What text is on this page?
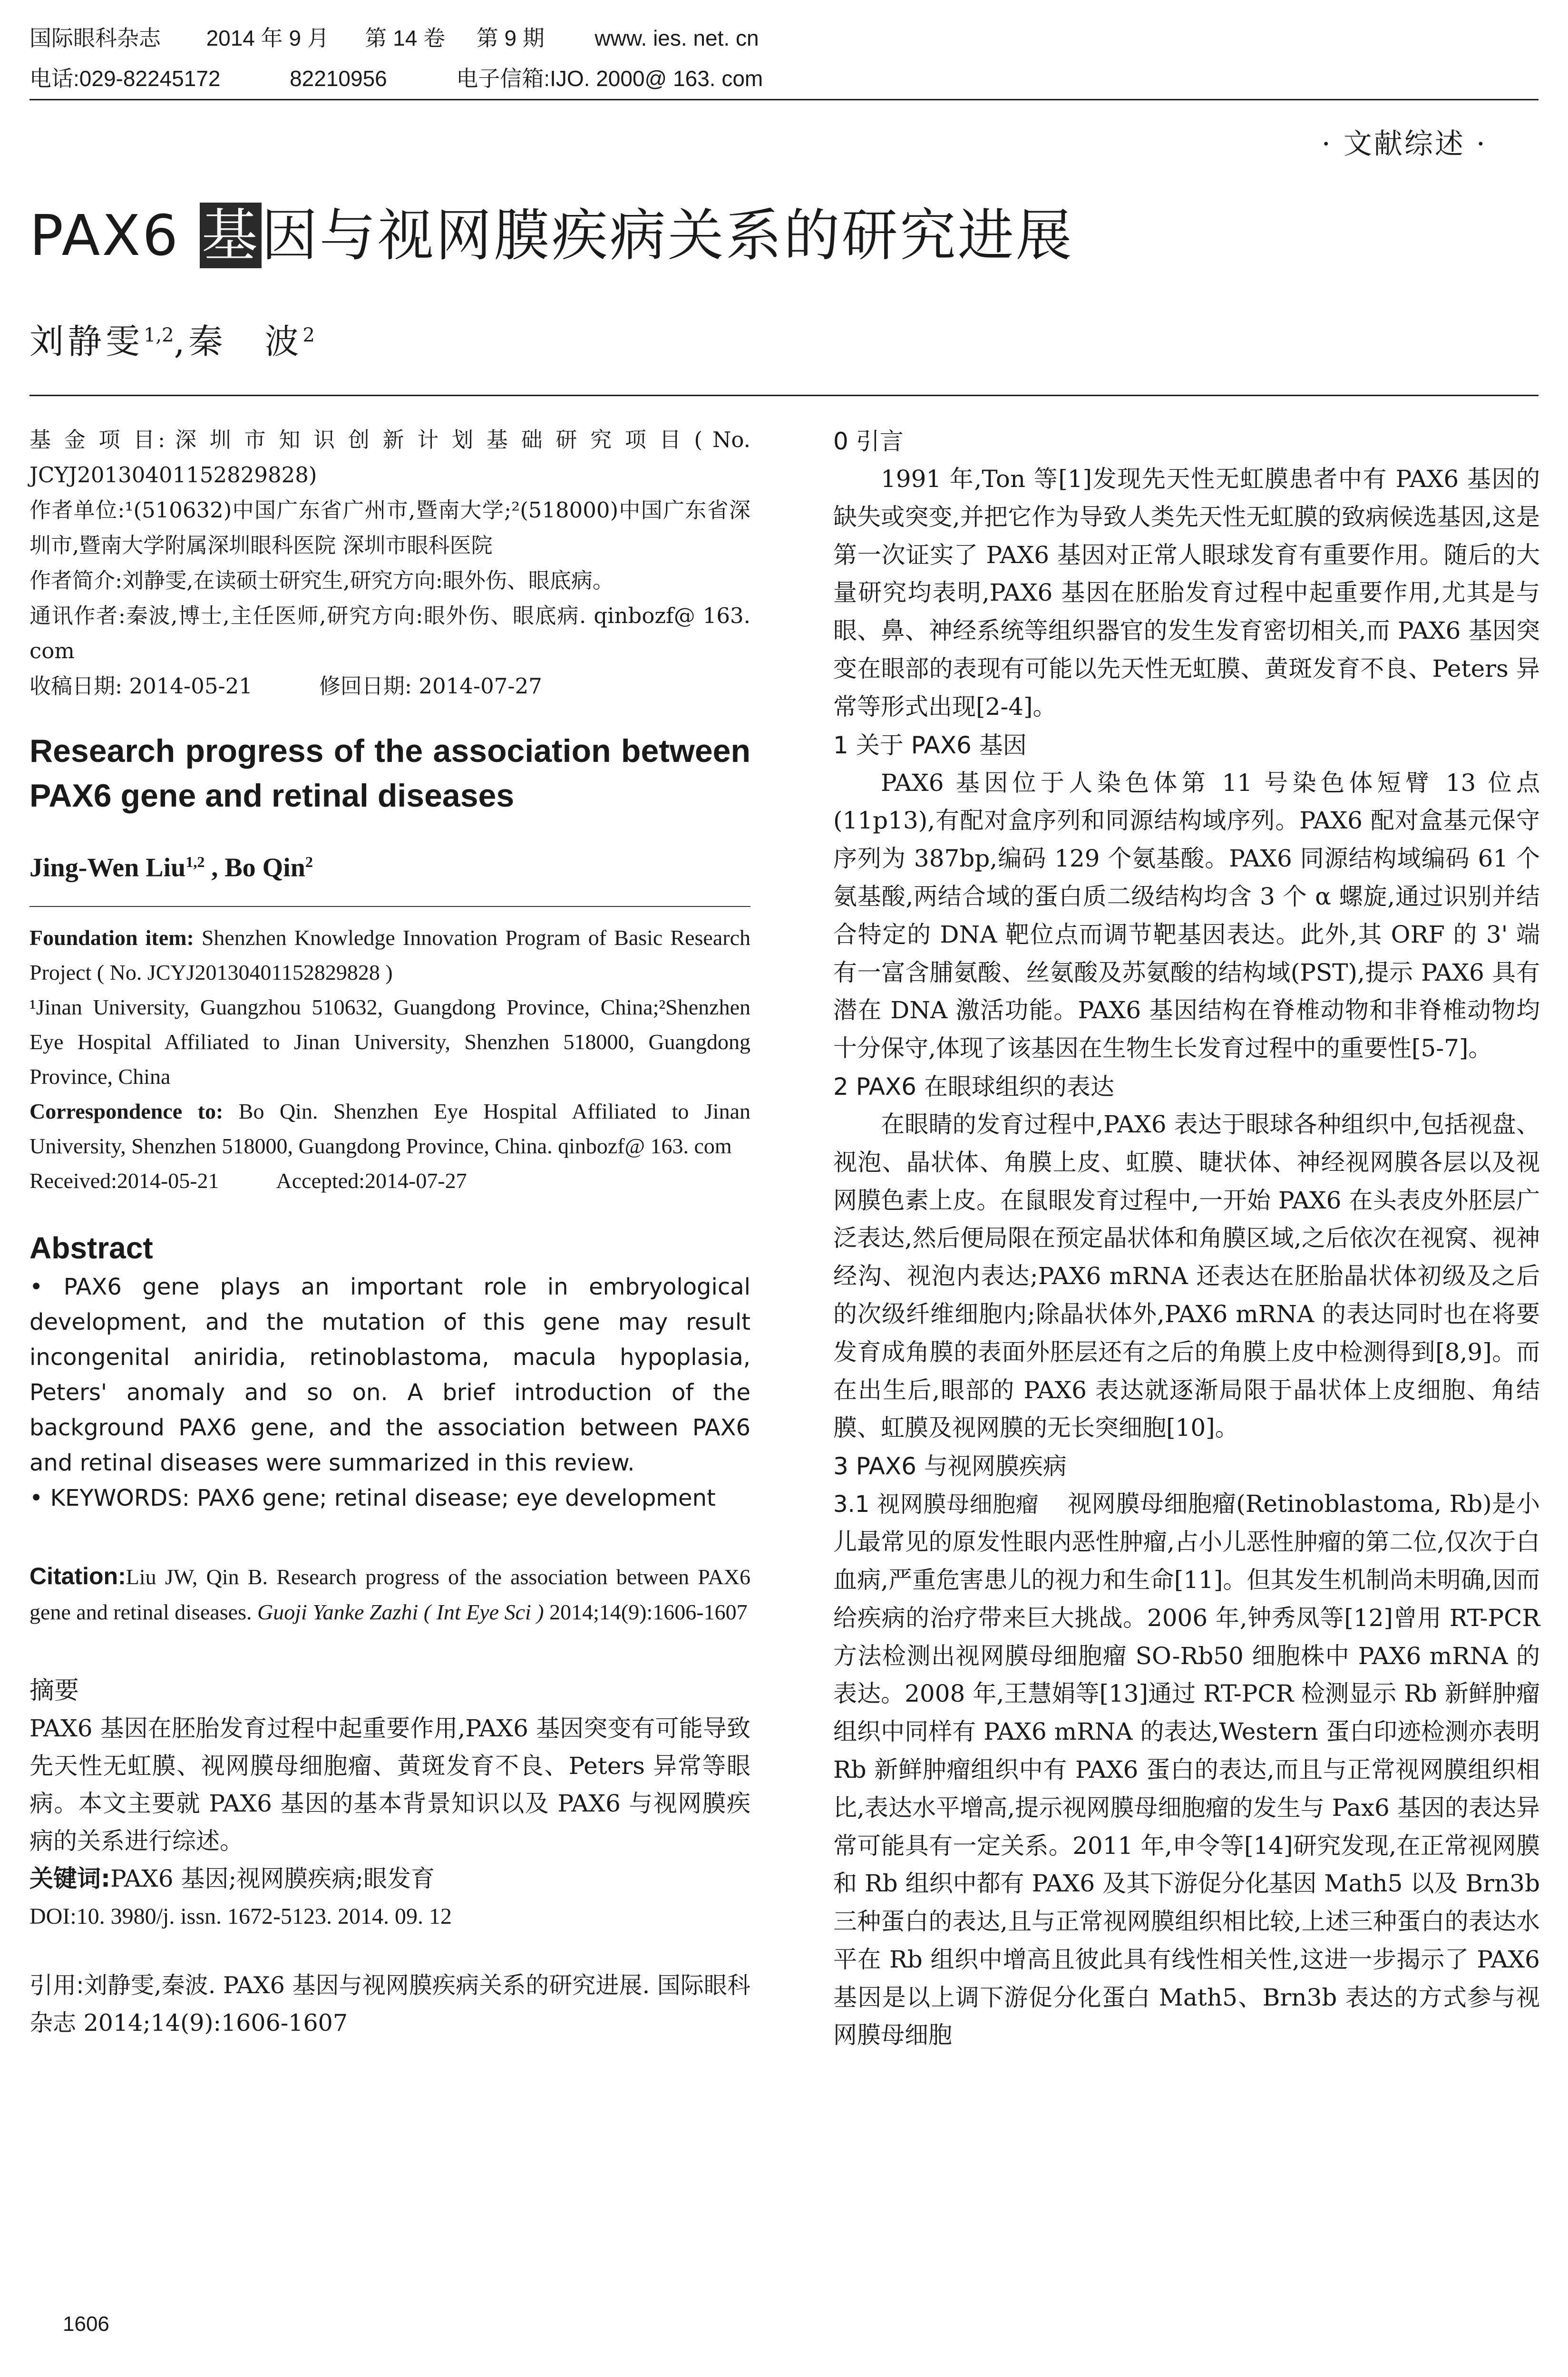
国际眼科杂志 2014 年 9 月 第 14 卷 第 9 期 www. ies. net. cn
电话:029-82245172	82210956	电子信箱:IJO. 2000@ 163. com
· 文献综述 ·
PAX6 基因与视网膜疾病关系的研究进展
刘静雯$^{1,2}$,秦　波$^2$

基 金 项 目: 深 圳 市 知 识 创 新 计 划 基 础 研 究 项 目 ( No. JCYJ20130401152829828)

作者单位:¹(510632)中国广东省广州市,暨南大学;²(518000)中国广东省深圳市,暨南大学附属深圳眼科医院 深圳市眼科医院

作者简介:刘静雯,在读硕士研究生,研究方向:眼外伤、眼底病。

通讯作者:秦波,博士,主任医师,研究方向:眼外伤、眼底病. qinbozf@ 163. com

收稿日期: 2014-05-21	修回日期: 2014-07-27

Research progress of the association between PAX6 gene and retinal diseases

Jing-Wen Liu$^{1,2}$ , Bo Qin$^2$

Foundation item: Shenzhen Knowledge Innovation Program of Basic Research Project ( No. JCYJ20130401152829828 )

¹Jinan University, Guangzhou 510632, Guangdong Province, China;²Shenzhen Eye Hospital Affiliated to Jinan University, Shenzhen 518000, Guangdong Province, China

Correspondence to: Bo Qin. Shenzhen Eye Hospital Affiliated to Jinan University, Shenzhen 518000, Guangdong Province, China. qinbozf@ 163. com

Received:2014-05-21	Accepted:2014-07-27

Abstract

• PAX6 gene plays an important role in embryological development, and the mutation of this gene may result incongenital aniridia, retinoblastoma, macula hypoplasia, Peters' anomaly and so on. A brief introduction of the background PAX6 gene, and the association between PAX6 and retinal diseases were summarized in this review.

• KEYWORDS: PAX6 gene; retinal disease; eye development

Citation:Liu JW, Qin B. Research progress of the association between PAX6 gene and retinal diseases. Guoji Yanke Zazhi ( Int Eye Sci ) 2014;14(9):1606-1607

摘要

PAX6 基因在胚胎发育过程中起重要作用,PAX6 基因突变有可能导致先天性无虹膜、视网膜母细胞瘤、黄斑发育不良、Peters 异常等眼病。本文主要就 PAX6 基因的基本背景知识以及 PAX6 与视网膜疾病的关系进行综述。

关键词:PAX6 基因;视网膜疾病;眼发育

DOI:10. 3980/j. issn. 1672-5123. 2014. 09. 12

引用:刘静雯,秦波. PAX6 基因与视网膜疾病关系的研究进展. 国际眼科杂志 2014;14(9):1606-1607

0 引言

1991 年,Ton 等[1]发现先天性无虹膜患者中有 PAX6 基因的缺失或突变,并把它作为导致人类先天性无虹膜的致病候选基因,这是第一次证实了 PAX6 基因对正常人眼球发育有重要作用。随后的大量研究均表明,PAX6 基因在胚胎发育过程中起重要作用,尤其是与眼、鼻、神经系统等组织器官的发生发育密切相关,而 PAX6 基因突变在眼部的表现有可能以先天性无虹膜、黄斑发育不良、Peters 异常等形式出现[2-4]。

1 关于 PAX6 基因

PAX6 基因位于人染色体第 11 号染色体短臂 13 位点(11p13),有配对盒序列和同源结构域序列。PAX6 配对盒基元保守序列为 387bp,编码 129 个氨基酸。PAX6 同源结构域编码 61 个氨基酸,两结合域的蛋白质二级结构均含 3 个 α 螺旋,通过识别并结合特定的 DNA 靶位点而调节靶基因表达。此外,其 ORF 的 3' 端有一富含脯氨酸、丝氨酸及苏氨酸的结构域(PST),提示 PAX6 具有潜在 DNA 激活功能。PAX6 基因结构在脊椎动物和非脊椎动物均十分保守,体现了该基因在生物生长发育过程中的重要性[5-7]。

2 PAX6 在眼球组织的表达

在眼睛的发育过程中,PAX6 表达于眼球各种组织中,包括视盘、视泡、晶状体、角膜上皮、虹膜、睫状体、神经视网膜各层以及视网膜色素上皮。在鼠眼发育过程中,一开始 PAX6 在头表皮外胚层广泛表达,然后便局限在预定晶状体和角膜区域,之后依次在视窝、视神经沟、视泡内表达;PAX6 mRNA 还表达在胚胎晶状体初级及之后的次级纤维细胞内;除晶状体外,PAX6 mRNA 的表达同时也在将要发育成角膜的表面外胚层还有之后的角膜上皮中检测得到[8,9]。而在出生后,眼部的 PAX6 表达就逐渐局限于晶状体上皮细胞、角结膜、虹膜及视网膜的无长突细胞[10]。

3 PAX6 与视网膜疾病

3.1 视网膜母细胞瘤 视网膜母细胞瘤(Retinoblastoma, Rb)是小儿最常见的原发性眼内恶性肿瘤,占小儿恶性肿瘤的第二位,仅次于白血病,严重危害患儿的视力和生命[11]。但其发生机制尚未明确,因而给疾病的治疗带来巨大挑战。2006 年,钟秀凤等[12]曾用 RT-PCR 方法检测出视网膜母细胞瘤 SO-Rb50 细胞株中 PAX6 mRNA 的表达。2008 年,王慧娟等[13]通过 RT-PCR 检测显示 Rb 新鲜肿瘤组织中同样有 PAX6 mRNA 的表达,Western 蛋白印迹检测亦表明 Rb 新鲜肿瘤组织中有 PAX6 蛋白的表达,而且与正常视网膜组织相比,表达水平增高,提示视网膜母细胞瘤的发生与 Pax6 基因的表达异常可能具有一定关系。2011 年,申令等[14]研究发现,在正常视网膜和 Rb 组织中都有 PAX6 及其下游促分化基因 Math5 以及 Brn3b 三种蛋白的表达,且与正常视网膜组织相比较,上述三种蛋白的表达水平在 Rb 组织中增高且彼此具有线性相关性,这进一步揭示了 PAX6 基因是以上调下游促分化蛋白 Math5、Brn3b 表达的方式参与视网膜母细胞

1606
